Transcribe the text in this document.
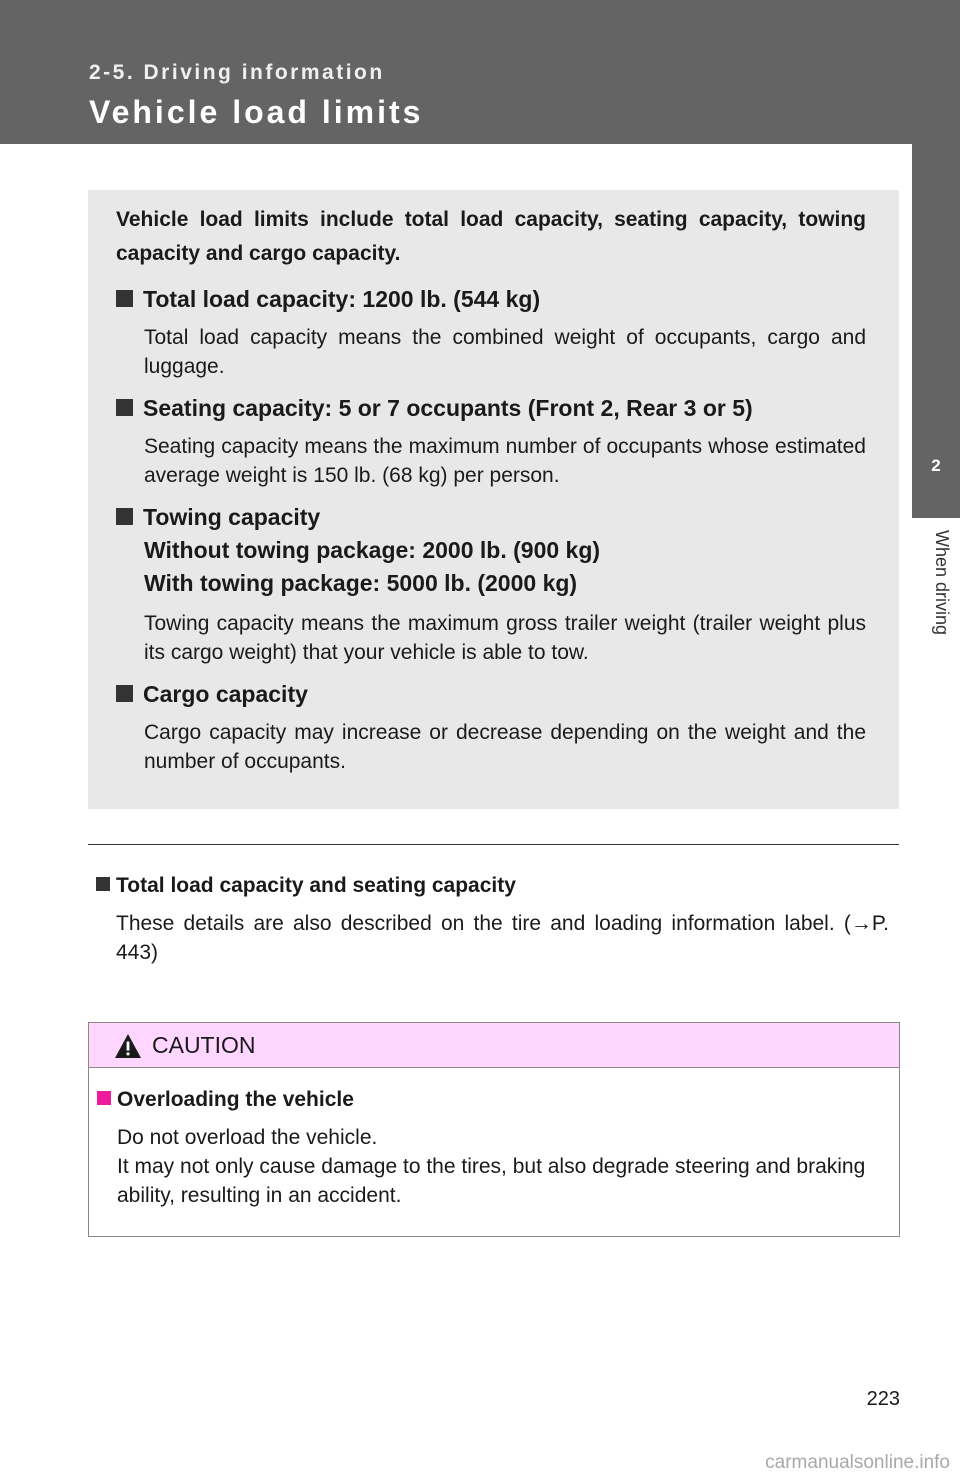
2-5. Driving information
Vehicle load limits
2
When driving
Vehicle load limits include total load capacity, seating capacity, towing capacity and cargo capacity.
Total load capacity: 1200 lb. (544 kg)
Total load capacity means the combined weight of occupants, cargo and luggage.
Seating capacity: 5 or 7 occupants (Front 2, Rear 3 or 5)
Seating capacity means the maximum number of occupants whose estimated average weight is 150 lb. (68 kg) per person.
Towing capacity
Without towing package: 2000 lb. (900 kg)
With towing package: 5000 lb. (2000 kg)
Towing capacity means the maximum gross trailer weight (trailer weight plus its cargo weight) that your vehicle is able to tow.
Cargo capacity
Cargo capacity may increase or decrease depending on the weight and the number of occupants.
Total load capacity and seating capacity
These details are also described on the tire and loading information label. (→P. 443)
CAUTION
Overloading the vehicle
Do not overload the vehicle.
It may not only cause damage to the tires, but also degrade steering and braking ability, resulting in an accident.
223
carmanualsonline.info
